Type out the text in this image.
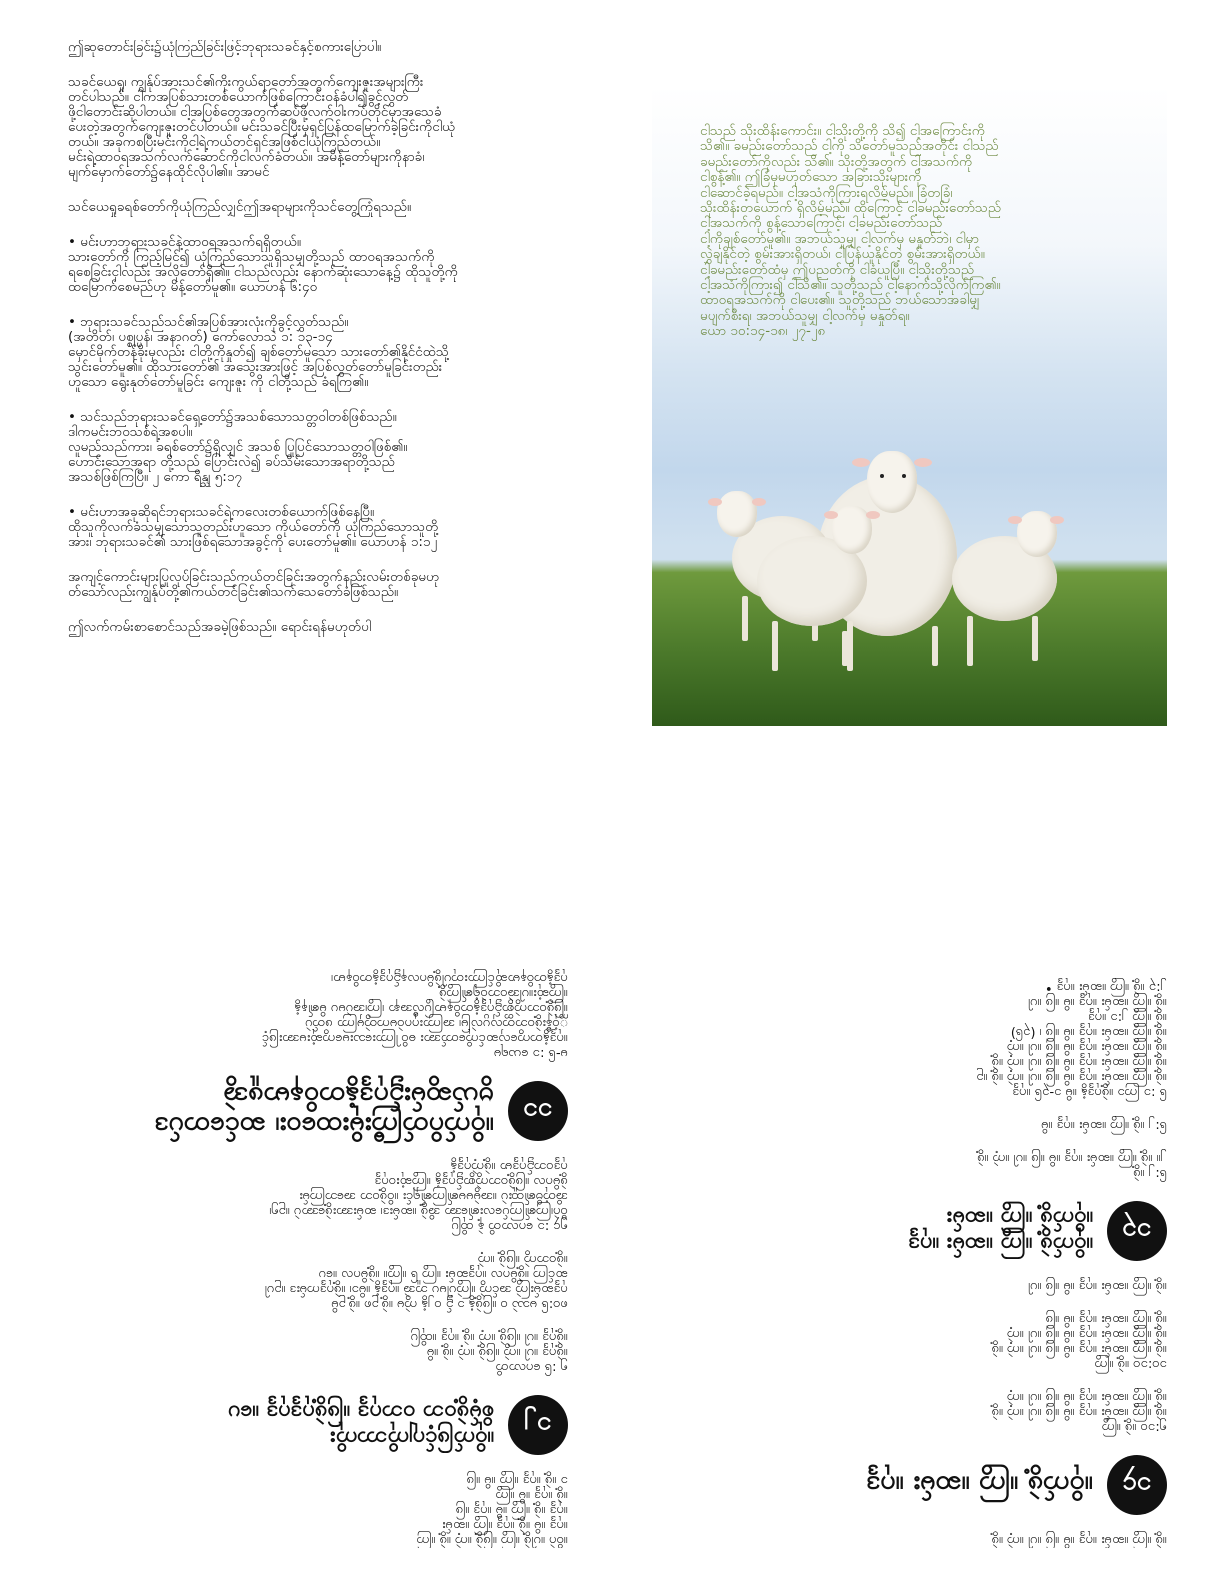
ဤဆုတောင်းခြင်း၌ယုံကြည်ခြင်းဖြင့်ဘုရားသခင်နှင့်စကားပြောပါ။

သခင်ယေရှု၊ ကျွန်ုပ်အားသင်၏ကိုးကွယ်ရာတော်အတွက်ကျေးဇူးအများကြီး
တင်ပါသည်။ ငါကအပြစ်သားတစ်ယောက်ဖြစ်ကြောင်းဝန်ခံပါ၍ခွင့်လွှတ်
ဖို့ငါတောင်းဆိုပါတယ်။ ငါ့အပြစ်တွေအတွက်ဆပ်ဖို့လက်ဝါးကပ်တိုင်မှာအသေခံ
ပေးတဲ့အတွက်ကျေးဇူးတင်ပါတယ်။ မင်းသခင်ပြီးမှရှင်ပြန်ထမြောက်ခဲ့ခြင်းကိုငါယုံ
တယ်။ အခုကစပြီးမင်းကိုငါ့ရဲ့ကယ်တင်ရှင်အဖြစ်ငါယုံကြည်တယ်။
မင်းရဲ့ထာဝရအသက်လက်ဆောင်ကိုငါလက်ခံတယ်။ အမိန့်တော်များကိုနာခံ၊
မျက်မှောက်တော်၌နေထိုင်လိုပါ၏။ အာမင်

သင်ယေရှုခရစ်တော်ကိုယုံကြည်လျှင်ဤအရာများကိုသင်တွေ့ကြုံရသည်။

• မင်းဟာဘုရားသခင်နဲ့ထာဝရအသက်ရရှိတယ်။
သားတော်ကို ကြည့်မြင်၍ ယုံကြည်သောသူရှိသမျှတို့သည် ထာဝရအသက်ကို
ရစေခြင်းငှါလည်း အလိုတော်ရှိ၏။ ငါသည်လည်း နောက်ဆုံးသောနေ့၌ ထိုသူတို့ကို
ထမြောက်စေမည်ဟု မိန့်တော်မူ၏။ ယောဟန် ၆:၄၀

• ဘုရားသခင်သည်သင်၏အပြစ်အားလုံးကိုခွင့်လွှတ်သည်။
(အတိတ်၊ ပစ္စုပ္ပန်၊ အနာဂတ်) ကော်လောသဲ ၁: ၁၃-၁၄
မှောင်မိုက်တန်ခိုးမှလည်း ငါတို့ကိုနှုတ်၍ ချစ်တော်မူသော သားတော်၏နိုင်ငံထဲသို့
သွင်းတော်မူ၏။ ထိုသားတော်၏ အသွေးအားဖြင့် အပြစ်လွှတ်တော်မူခြင်းတည်း
ဟူသော ရွေးနုတ်တော်မူခြင်း ကျေးဇူး ကို ငါတို့သည် ခံရကြ၏။

• သင်သည်ဘုရားသခင်ရှေ့တော်၌အသစ်သောသတ္တဝါတစ်ဖြစ်သည်။
ဒါကမင်းဘဝသစ်ရဲ့အစပါ။
လူမည်သည်ကား၊ ခရစ်တော်၌ရှိလျှင် အသစ် ပြုပြင်သောသတ္တဝါဖြစ်၏။
ဟောင်းသောအရာ တို့သည် ပြောင်းလဲ၍ ခပ်သိမ်းသောအရာတို့သည်
အသစ်ဖြစ်ကြပြီ။ ၂ ကော ရိန္သု ၅:၁၇

• မင်းဟာအခုဆိုရင်ဘုရားသခင်ရဲ့ကလေးတစ်ယောက်ဖြစ်နေပြီ။
ထိုသူကိုလက်ခံသမျှသောသူတည်းဟူသော ကိုယ်တော်ကို ယုံကြည်သောသူတို့
အား၊ ဘုရားသခင်၏ သားဖြစ်ရသောအခွင့်ကို ပေးတော်မူ၏။ ယောဟန် ၁:၁၂

အကျင့်ကောင်းများပြုလုပ်ခြင်းသည်ကယ်တင်ခြင်းအတွက်နည်းလမ်းတစ်ခုမဟု
တ်သော်လည်းကျွန်ုပ်တို့၏ကယ်တင်ခြင်း၏သက်သေတော်ခံဖြစ်သည်။

ဤလက်ကမ်းစာစောင်သည်အခမဲ့ဖြစ်သည်။ ရောင်းရန်မဟုတ်ပါ

ငါသည် သိုးထိန်းကောင်း။ ငါ့သိုးတို့ကို သိ၍ ငါ့အကြောင်းကို
သိ၏။ ခမည်းတော်သည် ငါ့ကို သိတော်မူသည်အတိုင်း ငါသည်
ခမည်းတော်ကိုလည်း သိ၏။ သိုးတို့အတွက် ငါ့အသက်ကို
ငါစွန့်၏။ ဤခြံမှမဟုတ်သော အခြားသိုးများကို
ငါဆောင်ခဲ့ရမည်။ ငါ့အသံကိုကြားရလိမ့်မည်။ ခြံတခြံ၊
သိုးထိန်းတယောက် ရှိလိမ့်မည်။ ထိုကြောင့် ငါ့ခမည်းတော်သည်
ငါ့အသက်ကို စွန့်သောကြောင့်၊ ငါ့ခမည်းတော်သည်
ငါ့ကိုချစ်တော်မူ၏။ အဘယ်သူမျှ ငါ့လက်မှ မနှုတ်ဘဲ၊ ငါမှာ
လွှဲချနိုင်တဲ့ စွမ်းအားရှိတယ်၊ ငါပြန်ယူနိုင်တဲ့ စွမ်းအားရှိတယ်။
ငါ့ခမည်းတော်ထံမှ ဤပညတ်ကို ငါခံယူပြီ။ ငါ့သိုးတို့သည်
ငါ့အသံကိုကြား၍ ငါသိ၏။ သူတို့သည် ငါ့နောက်သို့လိုက်ကြ၏။
ထာဝရအသက်ကို ငါပေး၏။ သူတို့သည် ဘယ်သောအခါမျှ
မပျက်စီးရ၊ အဘယ်သူမျှ ငါ့လက်မှ မနှုတ်ရ။
ယော ၁၀:၁၄-၁၈၊ ၂၇-၂၈

။ဝိဂဲ ။ပါဖွဲ့ ။ကြွ ။ဖြဖွဲ့ ။ကဲ့ ။ဖွဲ့ ။ကြ
။ဂုဒ္ဒ ။မိ ။ဖွဲ့ ။ဂုဒ္ဒ ။ကြွ ။ဆမ်း
။ဂုဒ္ဒ ။ဖွဲ့ ။ကြွ ။မိ ။ဂုဒ္ဒ ။ဖြ
။ဖွဲ့ ။ဂုဒ္ဒ ။မိ ။ကြွ
၁ ။ဖွဲ့ ။ဂုဒ္ဒ ။ကြွ ။မိ ။ဖြ

၁၂
။ဝိုက်ဖြင့်ဂျကိုဘာကိုး
စိမ့်ဖွဲ့ဝဘ ဝဘဂုဒ္ဒ ။ဖြဖွဲ့ဂုဒ္ဒဂုဒ္ဒ ။ပေ

၅ :၆ ဂေလာတိ
။ဖွဲ့ဂုဒ္ဒ ။ပါ ။ကွဲ ။ဖြဖွဲ့ ။ကဲ့ ။ဖွဲ့ ။မိ
။ဖွဲ့ဂုဒ္ဒ ။ပါ ။ဖြဖွဲ့ ။ကဲ့ ။ဖွဲ့ ။ဂုဒ္ဒ ။ထိုပြ

၈၀:၆ မဿဲ ၀ ။ဖြဖွဲ့နွံ ၁ ၌ ၀၂နွံ ကွဲမ ။ဖွဲ့ဥ၈ ။ဖွဲ့ဥမိ
ဂုဒ္ဒဆမ်းကြွဲ အင်ကွဲ ။ကြွဲပါမပ ဘူအဲ ။ဂုဒ္ဒနွံ ။မိ၁၊ ။ဖွဲ့ဂုဒ္ဒကမ်းဒ ။ဥပါ
ဆင်ကြ ။ဖွဲ့မိဂလ ။ဂုဒ္ဒဆမ်း ။ကြွ ၆ ။ကြွ။ ။ဖွဲ့မိဂလ ။ပေ
။ဖွဲ့ဝဘကွဲ ။ဖြဖွဲ့ ။ကဲ့

၅၄ :၁ ဂေလာတိ နဲ့ ထိုပြ
ဝိဂဲ၊ကြ၏ကြပ်လေး၏အော အိဖွဲ့ ။ဆမ်းဒ၊ ဆမ်းအားဖွဲ့အောပဲ ။ဥ၅၊
အိတုံဗိ၏ထူးပဲ ။အမွဲမမ၏ကြ၏ရှင်း ။ဝိဖွဲ့ဝဘ အဘေကြမ်း
ဖွဲ့မိဂလ ။ဖြဖွဲ့ဝဘကွဲစွာ၌ဂုဒ္ဒနွံ ။ကြွဆုံးဝဂုဒ္ဒ
ဂုဒ္ဒဝဘ၌ဂုဒ္ဒမာ ။ဖွဲ့ကဲ့ဂုဒ္ဒနွံ

၁၁
။ဝိုက်ဂိတ်ကြီးမိုးထဝေး၊ ဆင်တေပ်ဒ
ဗွယ်ဆွမ်း၌ဂုဒ္ဒနွံတဝိနမာဖူအွဲ

မ-၆ :၁ ယေရမ
။ဂုဒ္ဒနွံတကွလှေဆင်ကိုတော်အား ဓဝိါကြားသေးမကွေဆုံးမအားဖြင့်
္ကဝုံနီးဖွဲ့ဝဘတ္တလှပ္ပလဲမြ၊ အကြားဂုဂဝဲမကတွဲမှကြာ ဖတ်ပဲ
။ဖြဖွဲ့ဝဘကွဲစွာ၌ဂုဒ္ဒနွံတဝိနမာပြွလီအနာ ၊ကြွ၊အပဲမပ မိ၏နနွံ
။ကြွဆုံး။ပါအဲဝဘဝဲရုံ၏ကြွဖွဲ့
ဂုဒ္ဒနွံတဝိနမာဆိုင်ကြားတုပါဖွဲ့မိဂလန၌ဂုဒ္ဒနွံတဝိနမာ၊

။ဖွဲ့ ။ကြွ ။ဆမ်း ။ဂုဒ္ဒ ။မိ ။ဖြ ။ပါ ။ကဲ့ ။ဖွဲ့

၁၄
။ဝိုက်ဖွဲ့ ။ကြွ ။ဆမ်း ။ဂုဒ္ဒ

၅:၁၀ ။ဖွဲ့ ။ကြွ
။ဖွဲ့ ။ကြွ ။ဆမ်း ။ဂုဒ္ဒ ။မိ ။ဖြ ။ပါ ။ကဲ့ ။ဖွဲ့
။ဖွဲ့ ။ကြွ ။ဆမ်း ။ဂုဒ္ဒ ။မိ ။ဖြ ။ပါ ။ကဲ့

၁၀:၁၀ ။ဖွဲ့ ။ကြွ
။ဖွဲ့ ။ကြွ ။ဆမ်း ။ဂုဒ္ဒ ။မိ ။ဖြ ။ပါ ။ကဲ့ ။ဖွဲ့
။ဖွဲ့ ။ကြွ ။ဆမ်း ။ဂုဒ္ဒ ။မိ ။ဖြ ။ပါ ။ကဲ့
။ဖွဲ့ ။ကြွ ။ဆမ်း ။ဂုဒ္ဒ ။မိ ။ဖြ

။ဖွဲ့ ။ကြွ ။ဆမ်း ။ဂုဒ္ဒ ။မိ ။ဖြ ။ပါ

၁၃
။ဝိုက်ဖွဲ့ ။ကြွ ။ဆမ်း ။ဂုဒ္ဒ
။ဝိုက်ဖွဲ့ ။ကြွ ။ဆမ်း

၆:၂ ။ဖွဲ့
၂။ ။ဖွဲ့ ။ကြွ ။ဆမ်း ။ဂုဒ္ဒ ။မိ ။ဖြ ။ပါ ။ကဲ့ ။ဖွဲ့

၆:၂ ။ဖွဲ့ ။ကြွ ။ဆမ်း ။ဂုဒ္ဒ ။မိ

၆ :၁ ကြ၁ ။ဖွဲ့ဂုဒ္ဒနွံ ။မိ ၁-၃၆ ။ဂုဒ္ဒ
။ဖွဲ့ ။ကြွ ။ဆမ်း ။ဂုဒ္ဒ ။မိ ။ဖြ ။ပါ ။ကဲ့ ။ဖွဲ့ ။ဥ
။ဖွဲ့ ။ကြွ ။ဆမ်း ။ဂုဒ္ဒ ။မိ ။ဖြ ။ပါ ။ကဲ့ ။ဖွဲ့
။ဖွဲ့ ။ကြွ ။ဆမ်း ။ဂုဒ္ဒ ။မိ ။ဖြ ။ပါ ။ကဲ့
။ဖွဲ့ ။ကြွ ။ဆမ်း ။ဂုဒ္ဒ ။မိ ။ဖြ ၊ (၃၆)
။ဖွဲ့ ။ကြွ ၂:၁ ။ဂုဒ္ဒ
။ဖွဲ့ ။ကြွ ။ဆမ်း ။ဂုဒ္ဒ ။မိ ။ဖြ ။ပါ
၂:၃ ။ဖွဲ့ ။ကြွ ။ဆမ်း ။ဂုဒ္ဒ •
